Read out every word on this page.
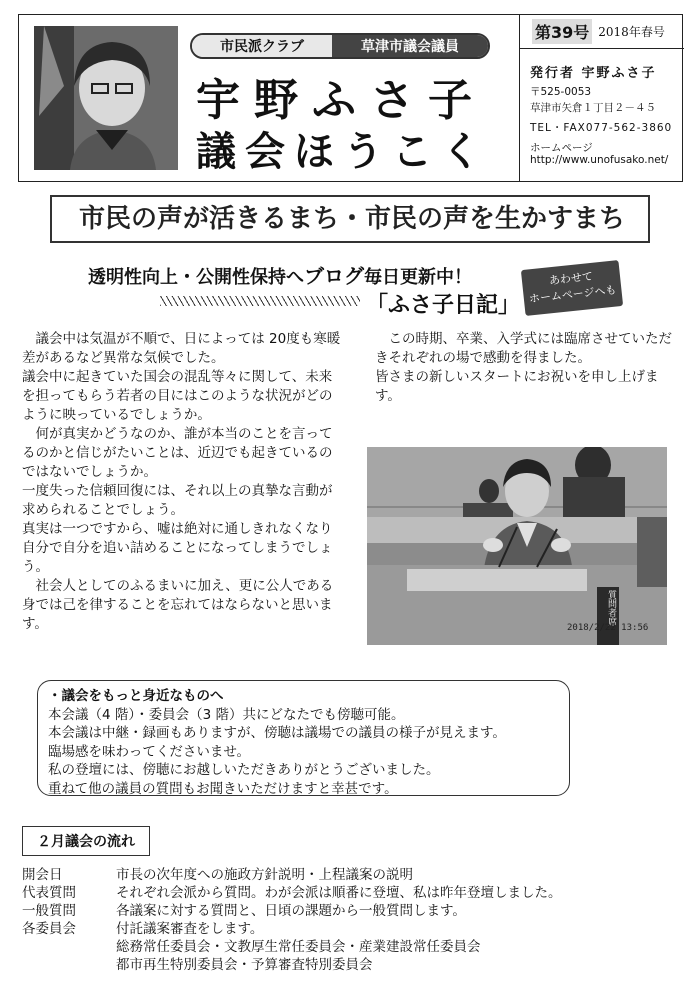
市民派クラブ	草津市議会議員
宇野ふさ子
議会ほうこく
第39号 2018年春号
発行者 宇野ふさ子
〒525-0053
草津市矢倉１丁目２－４５
TEL・FAX077-562-3860
ホームページ
http://www.unofusako.net/
市民の声が活きるまち・市民の声を生かすまち
透明性向上・公開性保持へブログ毎日更新中！
「ふさ子日記」
あわせて
ホームページへも

議会中は気温が不順で、日によっては 20度も寒暖差があるなど異常な気候でした。

議会中に起きていた国会の混乱等々に関して、未来を担ってもらう若者の目にはこのような状況がどのように映っているでしょうか。

何が真実かどうなのか、誰が本当のことを言ってるのかと信じがたいことは、近辺でも起きているのではないでしょうか。

一度失った信頼回復には、それ以上の真摯な言動が求められることでしょう。

真実は一つですから、嘘は絶対に通しきれなくなり自分で自分を追い詰めることになってしまうでしょう。

社会人としてのふるまいに加え、更に公人である身では己を律することを忘れてはならないと思います。

この時期、卒業、入学式には臨席させていただきそれぞれの場で感動を得ました。

皆さまの新しいスタートにお祝いを申し上げます。

質問者席
2018/2/22 13:56
・議会をもっと身近なものへ
本会議（4 階）・委員会（3 階）共にどなたでも傍聴可能。
本会議は中継・録画もありますが、傍聴は議場での議員の様子が見えます。
臨場感を味わってくださいませ。
私の登壇には、傍聴にお越しいただきありがとうございました。
重ねて他の議員の質問もお聞きいただけますと幸甚です。
２月議会の流れ
開会日	市長の次年度への施政方針説明・上程議案の説明
代表質問	それぞれ会派から質問。わが会派は順番に登壇、私は昨年登壇しました。
一般質問	各議案に対する質問と、日頃の課題から一般質問します。
各委員会	付託議案審査をします。
総務常任委員会・文教厚生常任委員会・産業建設常任委員会
都市再生特別委員会・予算審査特別委員会
